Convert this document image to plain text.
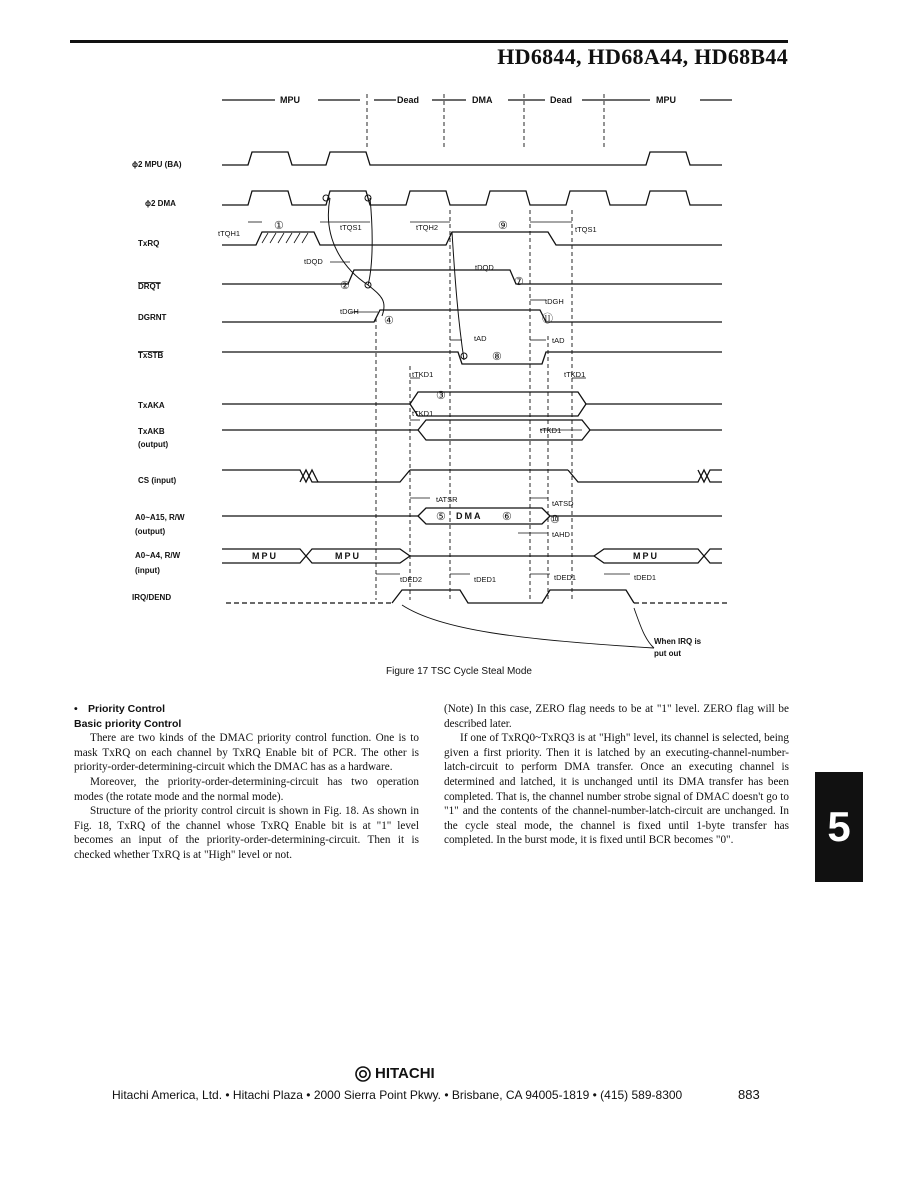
HD6844, HD68A44, HD68B44
MPU	Dead	DMA	Dead	MPU
ϕ2 MPU (BA)
ϕ2 DMA
TxRQ
DRQT
DGRNT
TxSTB
TxAKA
TxAKB
(output)
CS (input)
A0~A15, R/W
(output)
A0~A4, R/W
(input)
IRQ/DEND
MPU	MPU	MPU
DMA
tTQH1
tTQS1	tTQH2	tTQS1
tDQD
tDQD
tDGH
tDGH
tAD	tAD
tTKD1	tTKD1
tTKD1
tTKD1
tATSR	tATSD
tAHD
tDED2	tDED1	tDED1	tDED1
①
②
③
④
⑤	⑥
⑦
⑧
⑨
⑩
⑪
When IRQ is
put out
Figure 17 TSC Cycle Steal Mode

• Priority Control

Basic priority Control

There are two kinds of the DMAC priority control function. One is to mask TxRQ on each channel by TxRQ Enable bit of PCR. The other is priority-order-determining-circuit which the DMAC has as a hardware.

Moreover, the priority-order-determining-circuit has two operation modes (the rotate mode and the normal mode).

Structure of the priority control circuit is shown in Fig. 18. As shown in Fig. 18, TxRQ of the channel whose TxRQ Enable bit is at "1" level becomes an input of the priority-order-determining-circuit. Then it is checked whether TxRQ is at "High" level or not.

(Note) In this case, ZERO flag needs to be at "1" level. ZERO flag will be described later.

If one of TxRQ0~TxRQ3 is at "High" level, its channel is selected, being given a first priority. Then it is latched by an executing-channel-number-latch-circuit to perform DMA transfer. Once an executing channel is determined and latched, it is unchanged until its DMA transfer has been completed. That is, the channel number strobe signal of DMAC doesn't go to "1" and the contents of the channel-number-latch-circuit are unchanged. In the cycle steal mode, the channel is fixed until 1-byte transfer has completed. In the burst mode, it is fixed until BCR becomes "0".	5
HITACHI
Hitachi America, Ltd. • Hitachi Plaza • 2000 Sierra Point Pkwy. • Brisbane, CA 94005-1819 • (415) 589-8300	883
